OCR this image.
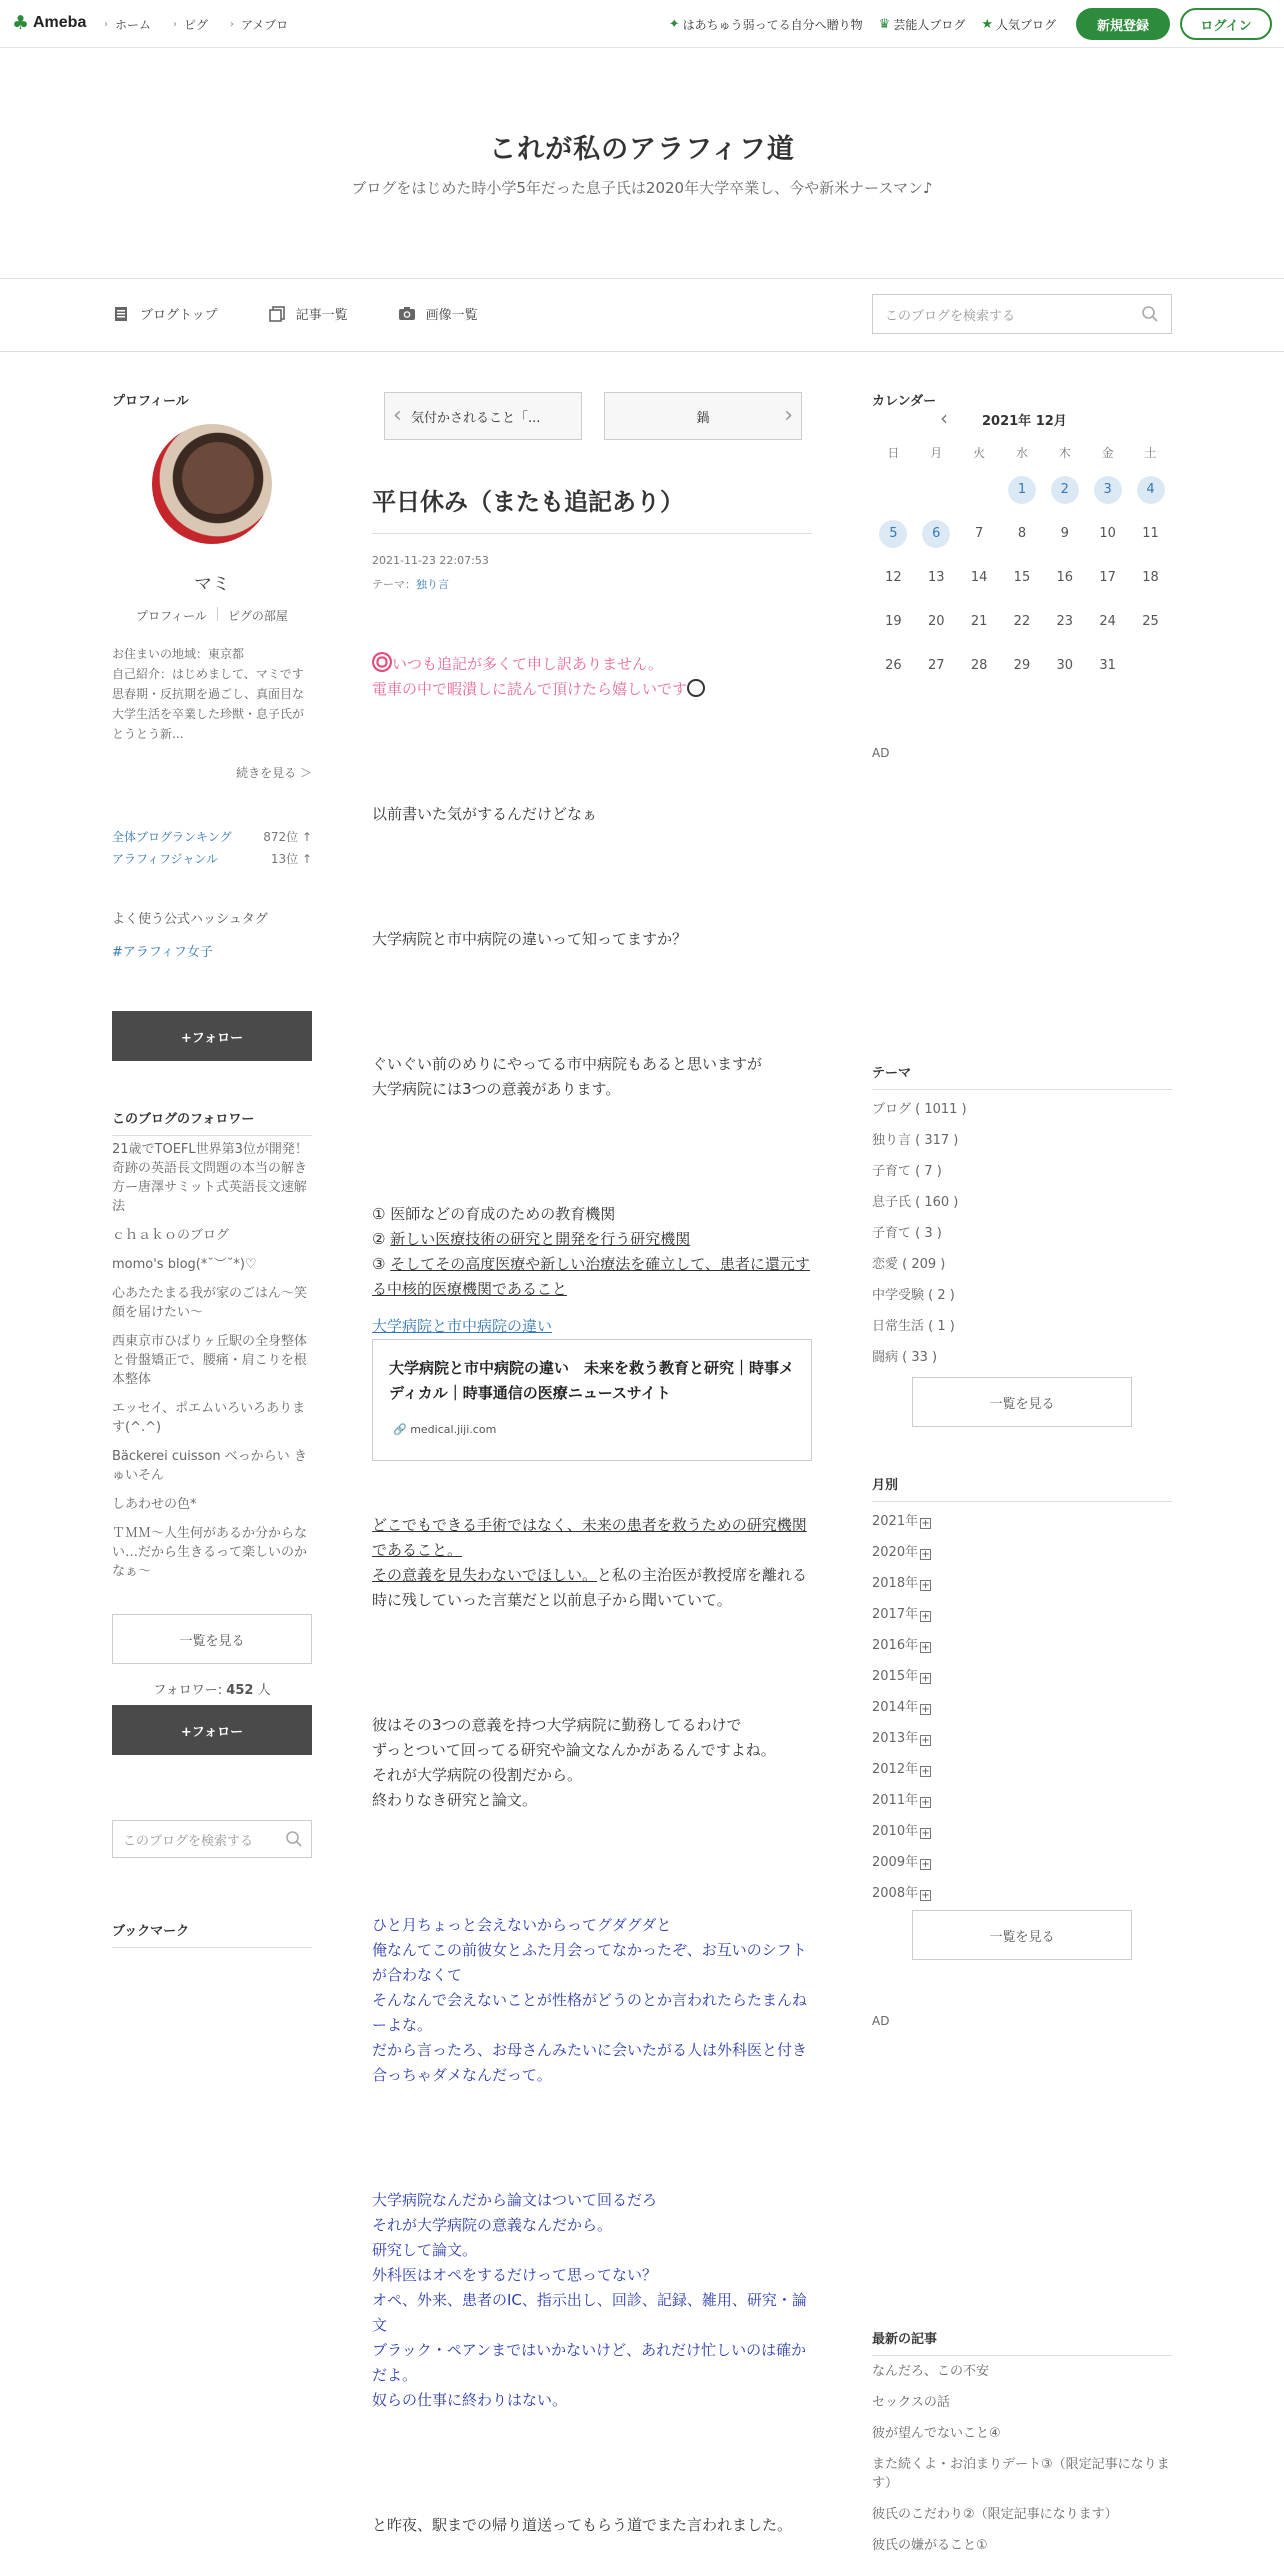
♣ Ameba › ホーム › ピグ › アメブロ	✦ はあちゅう弱ってる自分へ贈り物 ♛ 芸能人ブログ ★ 人気ブログ	新規登録	ログイン
これが私のアラフィフ道
ブログをはじめた時小学5年だった息子氏は2020年大学卒業し、今や新米ナースマン♪
ブログトップ	記事一覧	画像一覧	このブログを検索する
プロフィール
マミ
プロフィール ピグの部屋
お住まいの地域：東京都
自己紹介：はじめまして、マミです 思春期・反抗期を過ごし、真面目な大学生活を卒業した珍獣・息子氏がとうとう新...
続きを見る ＞
全体ブログランキング	872位 ↑
アラフィフジャンル	13位 ↑
よく使う公式ハッシュタグ
#アラフィフ女子
+フォロー
このブログのフォロワー
21歳でTOEFL世界第3位が開発！奇跡の英語長文問題の本当の解き方ー唐澤サミット式英語長文速解法
ｃｈａｋｏのブログ
momo's blog(*˘︶˘*)♡
心あたたまる我が家のごはん〜笑顔を届けたい〜
西東京市ひばりヶ丘駅の全身整体と骨盤矯正で、腰痛・肩こりを根本整体
エッセイ、ポエムいろいろあります(^.^)
Bäckerei cuisson べっからい きゅいそん
しあわせの色*
ＴＭＭ～人生何があるか分からない…だから生きるって楽しいのかなぁ～
一覧を見る
フォロワー: 452 人
+フォロー
このブログを検索する
ブックマーク
‹ 気付かされること「...	鍋	›
平日休み（またも追記あり）
2021-11-23 22:07:53
テーマ：独り言
いつも追記が多くて申し訳ありません。
電車の中で暇潰しに読んで頂けたら嬉しいです
以前書いた気がするんだけどなぁ
大学病院と市中病院の違いって知ってますか？
ぐいぐい前のめりにやってる市中病院もあると思いますが
大学病院には3つの意義があります。
① 医師などの育成のための教育機関
② 新しい医療技術の研究と開発を行う研究機関
③ そしてその高度医療や新しい治療法を確立して、患者に還元する中核的医療機関であること
大学病院と市中病院の違い
大学病院と市中病院の違い　未来を救う教育と研究｜時事メディカル｜時事通信の医療ニュースサイト
🔗 medical.jiji.com
どこでもできる手術ではなく、未来の患者を救うための研究機関であること。
その意義を見失わないでほしい。と私の主治医が教授席を離れる時に残していった言葉だと以前息子から聞いていて。
彼はその3つの意義を持つ大学病院に勤務してるわけで
ずっとついて回ってる研究や論文なんかがあるんですよね。
それが大学病院の役割だから。
終わりなき研究と論文。
ひと月ちょっと会えないからってグダグダと
俺なんてこの前彼女とふた月会ってなかったぞ、お互いのシフトが合わなくて
そんなんで会えないことが性格がどうのとか言われたらたまんねーよな。
だから言ったろ、お母さんみたいに会いたがる人は外科医と付き合っちゃダメなんだって。
大学病院なんだから論文はついて回るだろ
それが大学病院の意義なんだから。
研究して論文。
外科医はオペをするだけって思ってない？
オペ、外来、患者のIC、指示出し、回診、記録、雑用、研究・論文
ブラック・ペアンまではいかないけど、あれだけ忙しいのは確かだよ。
奴らの仕事に終わりはない。
と昨夜、駅までの帰り道送ってもらう道でまた言われました。
カレンダー
‹	2021年 12月
日	月	火	水	木	金	土
			1	2	3	4
5	6	7	8	9	10	11
12	13	14	15	16	17	18
19	20	21	22	23	24	25
26	27	28	29	30	31	
AD
テーマ
ブログ ( 1011 )
独り言 ( 317 )
子育て ( 7 )
息子氏 ( 160 )
子育て ( 3 )
恋愛 ( 209 )
中学受験 ( 2 )
日常生活 ( 1 )
闘病 ( 33 )
一覧を見る
月別
2021年 +
2020年 +
2018年 +
2017年 +
2016年 +
2015年 +
2014年 +
2013年 +
2012年 +
2011年 +
2010年 +
2009年 +
2008年 +
一覧を見る
AD
最新の記事
なんだろ、この不安
セックスの話
彼が望んでないこと④
また続くよ・お泊まりデート③（限定記事になります）
彼氏のこだわり②（限定記事になります）
彼氏の嫌がること①
